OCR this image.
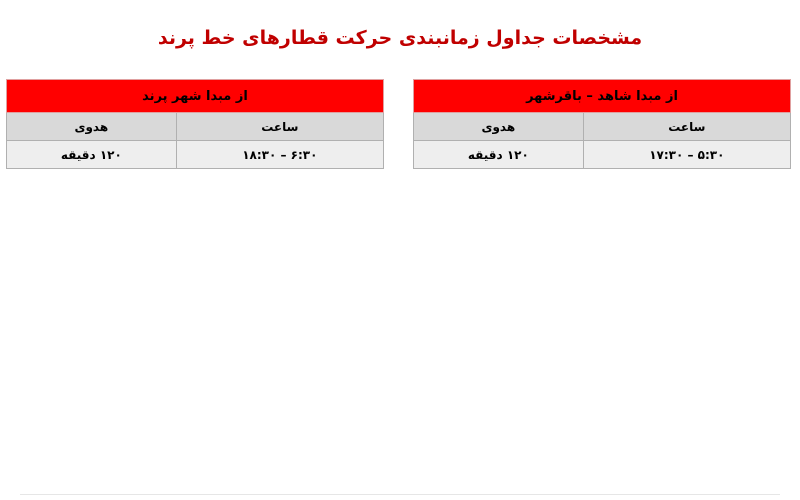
مشخصات جداول زمانبندی حرکت قطارهای خط پرند
از مبدا شاهد – باقرشهر	
ساعت	هدوی
۵:۳۰ – ۱۷:۳۰	۱۲۰ دقیقه
از مبدا شهر پرند	
ساعت	هدوی
۶:۳۰ – ۱۸:۳۰	۱۲۰ دقیقه
